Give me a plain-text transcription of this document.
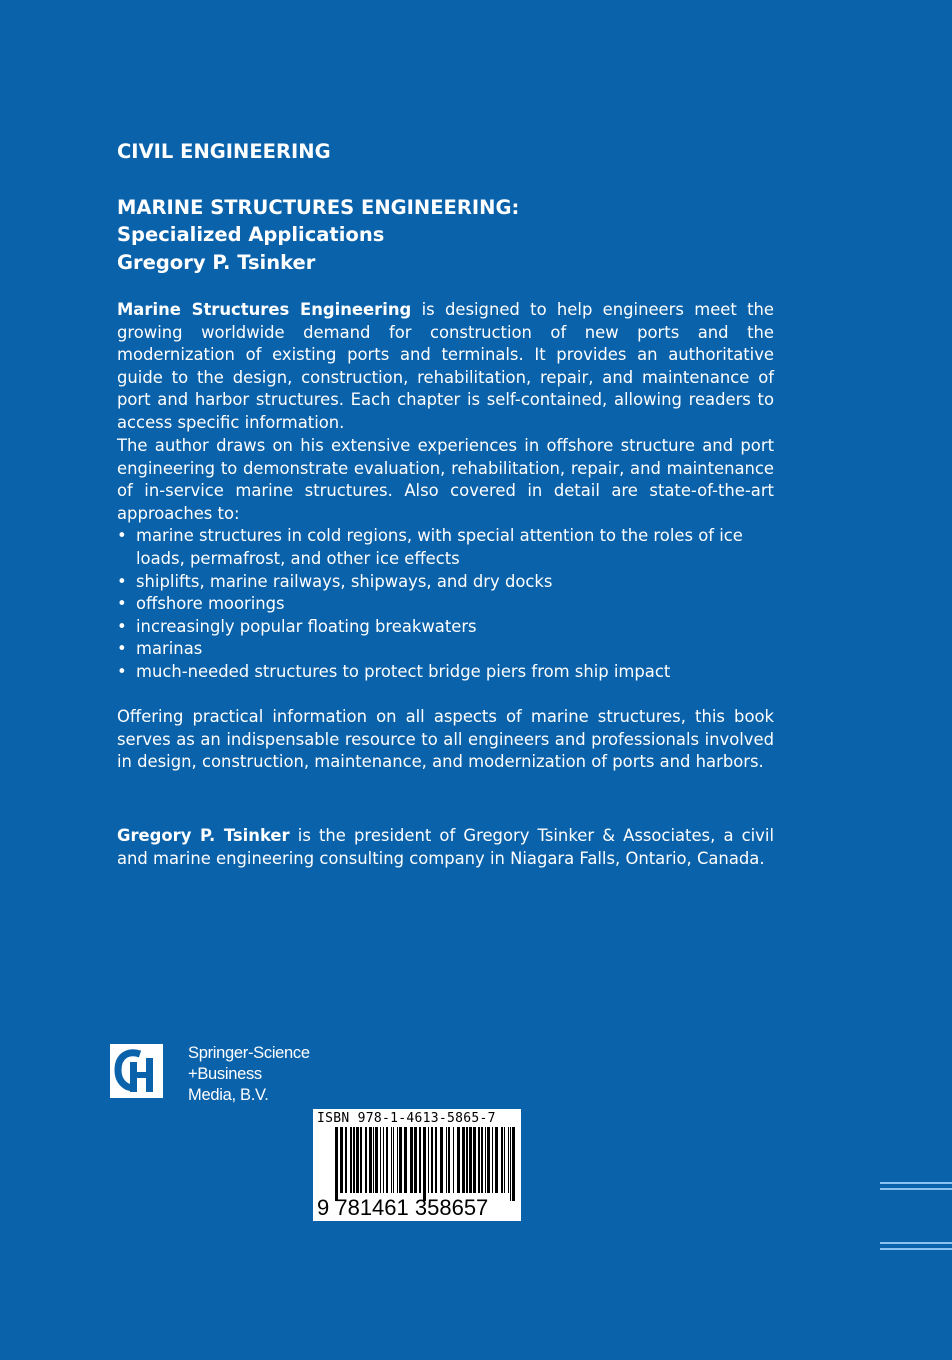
CIVIL ENGINEERING
MARINE STRUCTURES ENGINEERING:
Specialized Applications
Gregory P. Tsinker
Marine Structures Engineering is designed to help engineers meet the growing worldwide demand for construction of new ports and the modernization of existing ports and terminals. It provides an authoritative guide to the design, construction, rehabilitation, repair, and maintenance of port and harbor structures. Each chapter is self-contained, allowing readers to access specific information.

The author draws on his extensive experiences in offshore structure and port engineering to demonstrate evaluation, rehabilitation, repair, and maintenance of in-service marine structures. Also covered in detail are state-of-the-art approaches to:

• marine structures in cold regions, with special attention to the roles of ice loads, permafrost, and other ice effects
• shiplifts, marine railways, shipways, and dry docks
• offshore moorings
• increasingly popular floating breakwaters
• marinas
• much-needed structures to protect bridge piers from ship impact
Offering practical information on all aspects of marine structures, this book serves as an indispensable resource to all engineers and professionals involved in design, construction, maintenance, and modernization of ports and harbors.
Gregory P. Tsinker is the president of Gregory Tsinker & Associates, a civil and marine engineering consulting company in Niagara Falls, Ontario, Canada.
Springer-Science
+Business
Media, B.V.
ISBN 978-1-4613-5865-7
9 781461 358657
